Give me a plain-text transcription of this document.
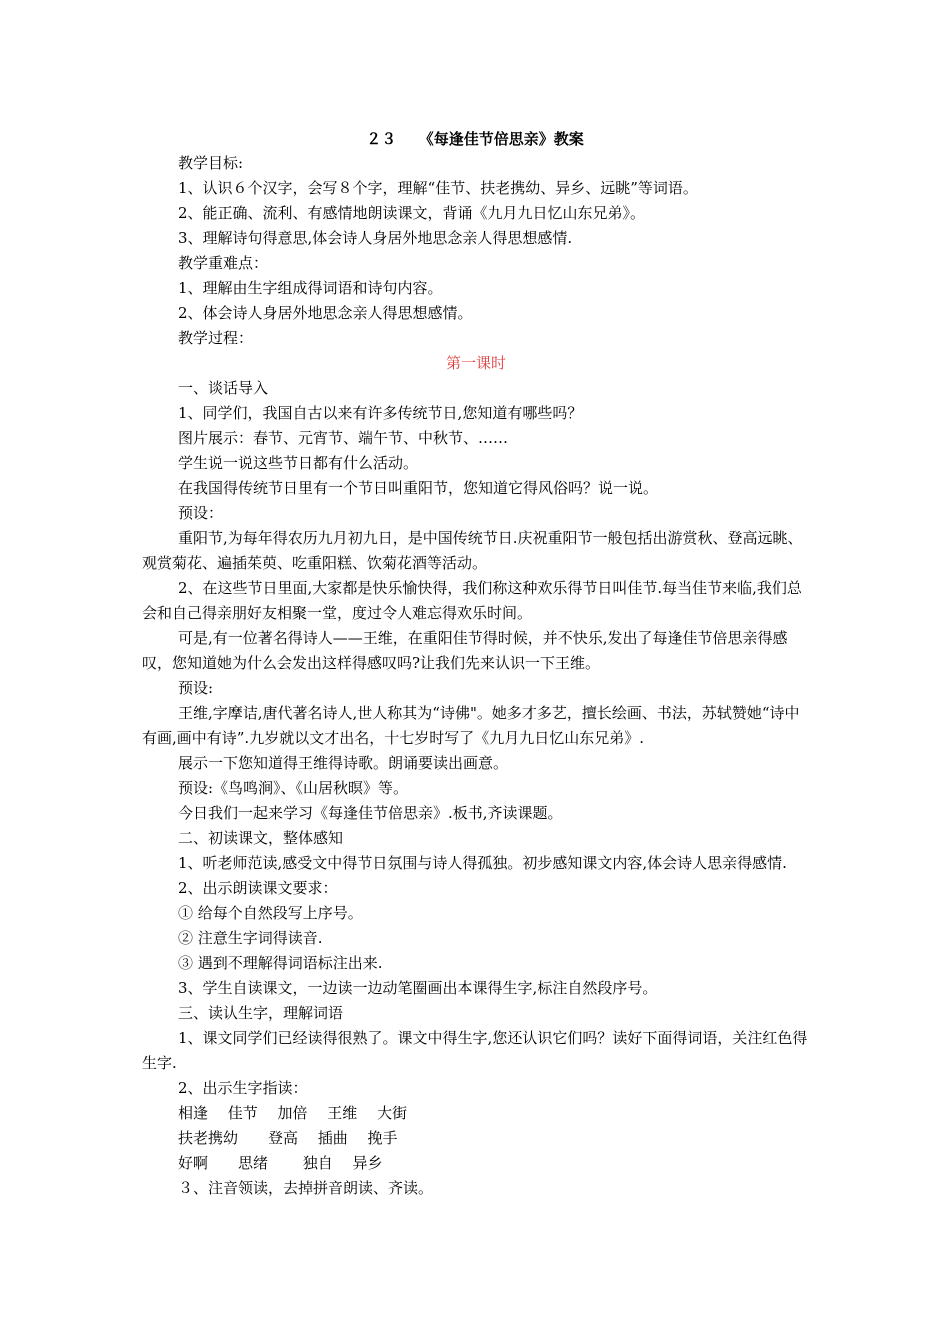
２３　　《每逢佳节倍思亲》教案

教学目标:

1、认识６个汉字，会写８个字，理解“佳节、扶老携幼、异乡、远眺”等词语。

2、能正确、流利、有感情地朗读课文，背诵《九月九日忆山东兄弟》。

3、理解诗句得意思,体会诗人身居外地思念亲人得思想感情.

教学重难点：

1、理解由生字组成得词语和诗句内容。

2、体会诗人身居外地思念亲人得思想感情。

教学过程：

第一课时

一、谈话导入

1、同学们，我国自古以来有许多传统节日,您知道有哪些吗？

图片展示：春节、元宵节、端午节、中秋节、……

学生说一说这些节日都有什么活动。

在我国得传统节日里有一个节日叫重阳节，您知道它得风俗吗？说一说。

预设：

重阳节,为每年得农历九月初九日，是中国传统节日.庆祝重阳节一般包括出游赏秋、登高远眺、观赏菊花、遍插茱萸、吃重阳糕、饮菊花酒等活动。

2、在这些节日里面,大家都是快乐愉快得，我们称这种欢乐得节日叫佳节.每当佳节来临,我们总会和自己得亲朋好友相聚一堂，度过令人难忘得欢乐时间。

可是,有一位著名得诗人——王维，在重阳佳节得时候，并不快乐,发出了每逢佳节倍思亲得感叹，您知道她为什么会发出这样得感叹吗?让我们先来认识一下王维。

预设:

王维,字摩诘,唐代著名诗人,世人称其为“诗佛"。她多才多艺，擅长绘画、书法，苏轼赞她“诗中有画,画中有诗”.九岁就以文才出名，十七岁时写了《九月九日忆山东兄弟》.

展示一下您知道得王维得诗歌。朗诵要读出画意。

预设:《鸟鸣涧》、《山居秋暝》等。

今日我们一起来学习《每逢佳节倍思亲》.板书,齐读课题。

二、初读课文，整体感知

1、听老师范读,感受文中得节日氛围与诗人得孤独。初步感知课文内容,体会诗人思亲得感情.

2、出示朗读课文要求：

① 给每个自然段写上序号。

② 注意生字词得读音.

③ 遇到不理解得词语标注出来.

3、学生自读课文，一边读一边动笔圈画出本课得生字,标注自然段序号。

三、读认生字，理解词语

1、课文同学们已经读得很熟了。课文中得生字,您还认识它们吗？读好下面得词语，关注红色得生字.

2、出示生字指读：

相逢　 佳节　 加倍　 王维　 大街

扶老携幼　　登高　 插曲　 挽手

好啊　　思绪　　 独自　 异乡

３、注音领读，去掉拼音朗读、齐读。
